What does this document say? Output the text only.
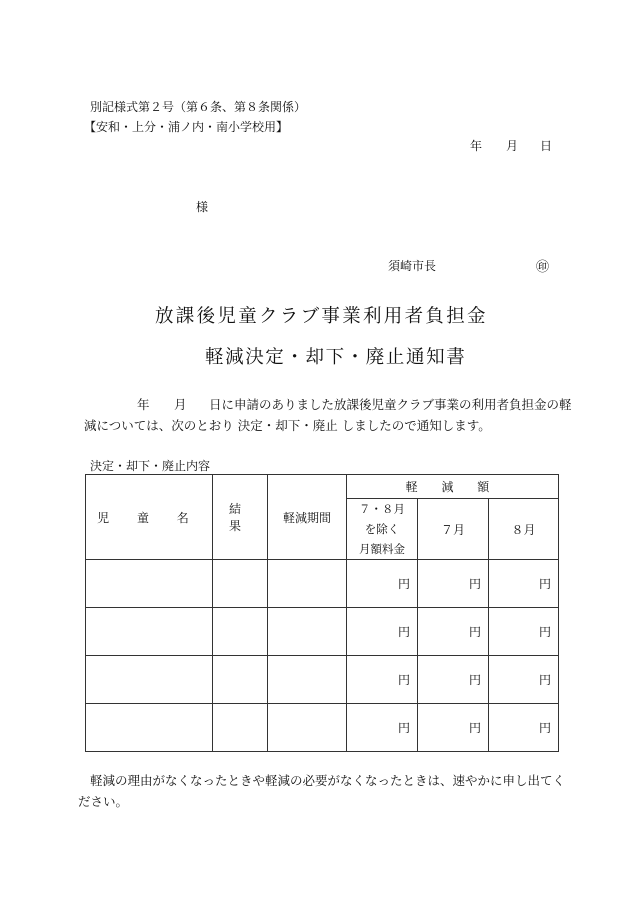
別記様式第２号（第６条、第８条関係）
【安和・上分・浦ノ内・南小学校用】
年 月 日
様
須崎市長	㊞
放課後児童クラブ事業利用者負担金
軽減決定・却下・廃止通知書
年 月 日に申請のありました放課後児童クラブ事業の利用者負担金の軽
減については、次のとおり 決定・却下・廃止 しましたので通知します。
決定・却下・廃止内容
児 童 名	結 果	軽減期間	軽 減 額		

			７・８月
を除く
月額料金	７月	８月
			円	円	円
			円	円	円
			円	円	円
			円	円	円
軽減の理由がなくなったときや軽減の必要がなくなったときは、速やかに申し出てく
ださい。
